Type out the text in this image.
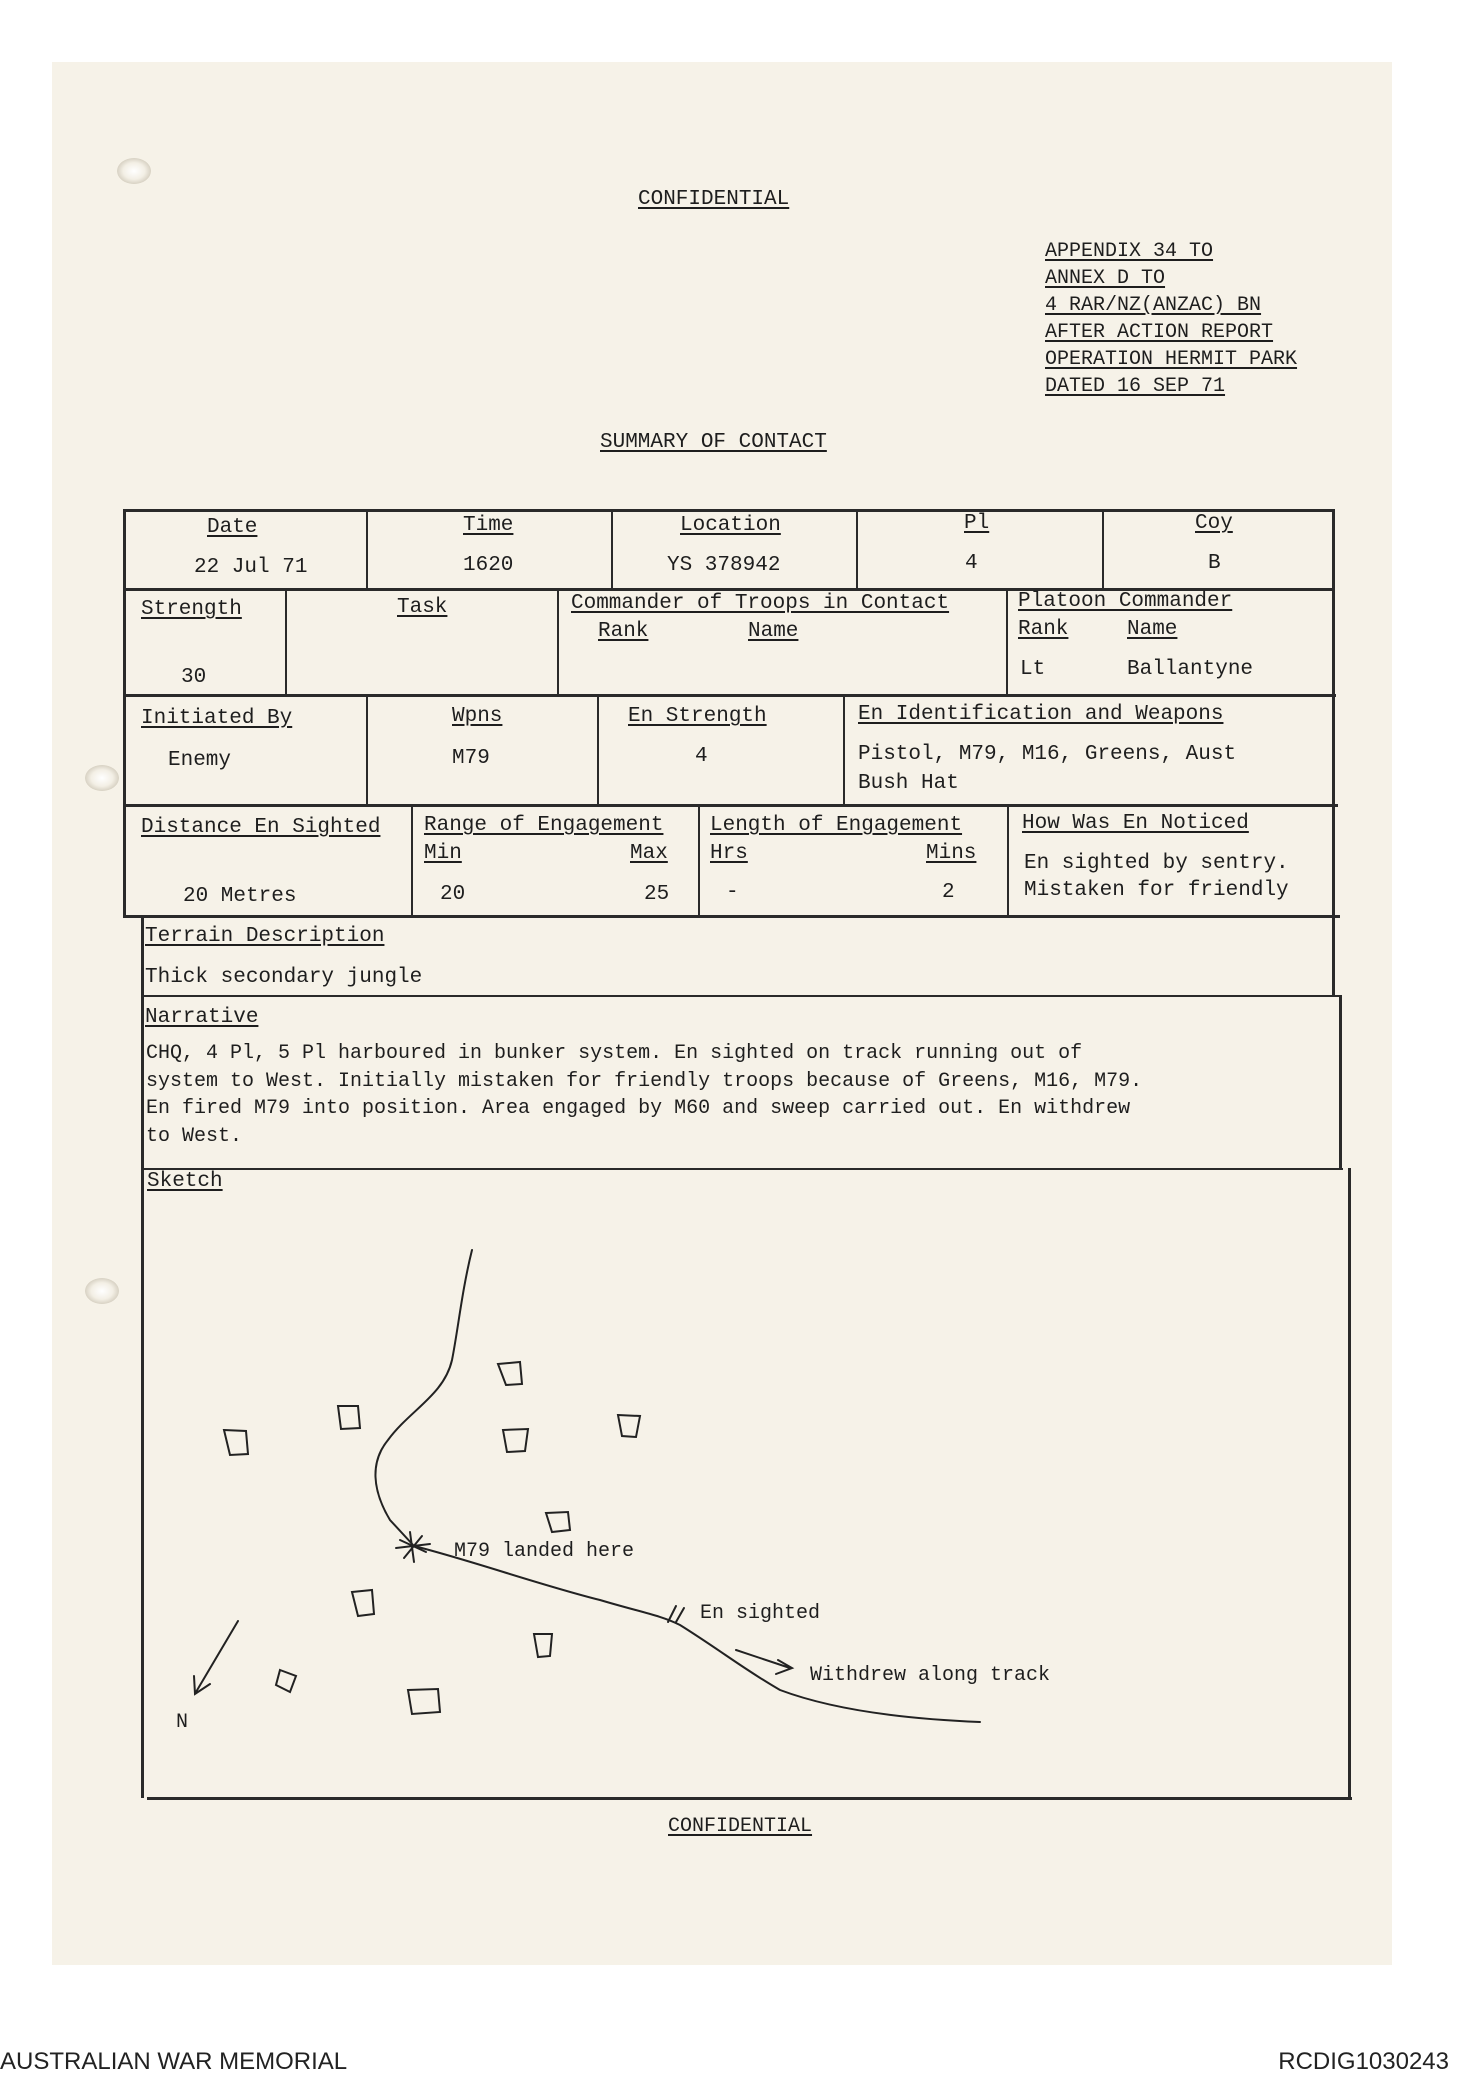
CONFIDENTIAL
APPENDIX 34 TO
ANNEX D TO
4 RAR/NZ(ANZAC) BN
AFTER ACTION REPORT
OPERATION HERMIT PARK
DATED 16 SEP 71
SUMMARY OF CONTACT
Date
22 Jul 71
Time
1620
Location
YS 378942
Pl
4
Coy
B
Strength
30
Task	Commander of Troops in Contact
Rank	Name
Platoon Commander
Rank	Name
Lt	Ballantyne
Initiated By
Enemy
Wpns
M79
En Strength
4
En Identification and Weapons
Pistol, M79, M16, Greens, Aust
Bush Hat
Distance En Sighted
20 Metres
Range of Engagement
Min	Max
20	25
Length of Engagement
Hrs	Mins
-	2
How Was En Noticed
En sighted by sentry.
Mistaken for friendly
Terrain Description
Thick secondary jungle
Narrative
CHQ, 4 Pl, 5 Pl harboured in bunker system. En sighted on track running out of
system to West. Initially mistaken for friendly troops because of Greens, M16, M79.
En fired M79 into position. Area engaged by M60 and sweep carried out. En withdrew
to West.
Sketch
M79 landed here
En sighted
Withdrew along track
N
CONFIDENTIAL
AUSTRALIAN WAR MEMORIAL	RCDIG1030243
